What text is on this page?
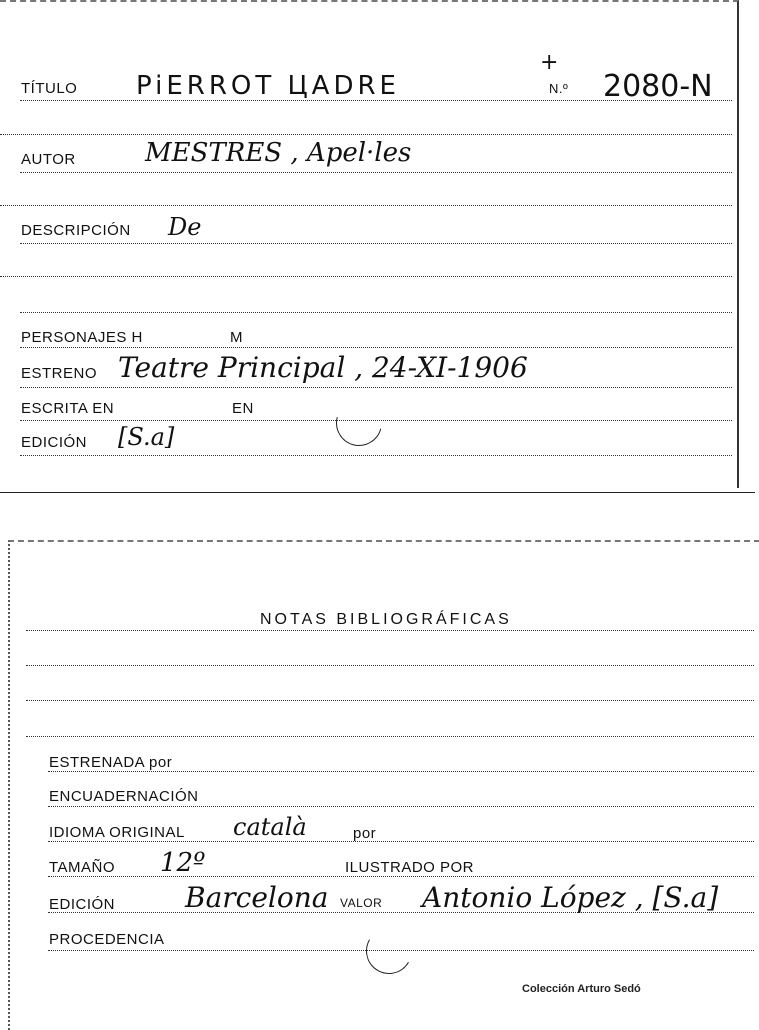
TÍTULO PiERROT ЦADRE
+
N.º 2080-N
AUTOR	MESTRES , Apel·les
DESCRIPCIÓN De
PERSONAJES H	M
ESTRENO Teatre Principal , 24-XI-1906
ESCRITA EN	EN
EDICIÓN [S.a]
NOTAS BIBLIOGRÁFICAS
ESTRENADA por
ENCUADERNACIÓN
IDIOMA ORIGINAL català	por
TAMAÑO 12º	ILUSTRADO POR
EDICIÓN Barcelona VALOR Antonio López , [S.a]
PROCEDENCIA
Colección Arturo Sedó
